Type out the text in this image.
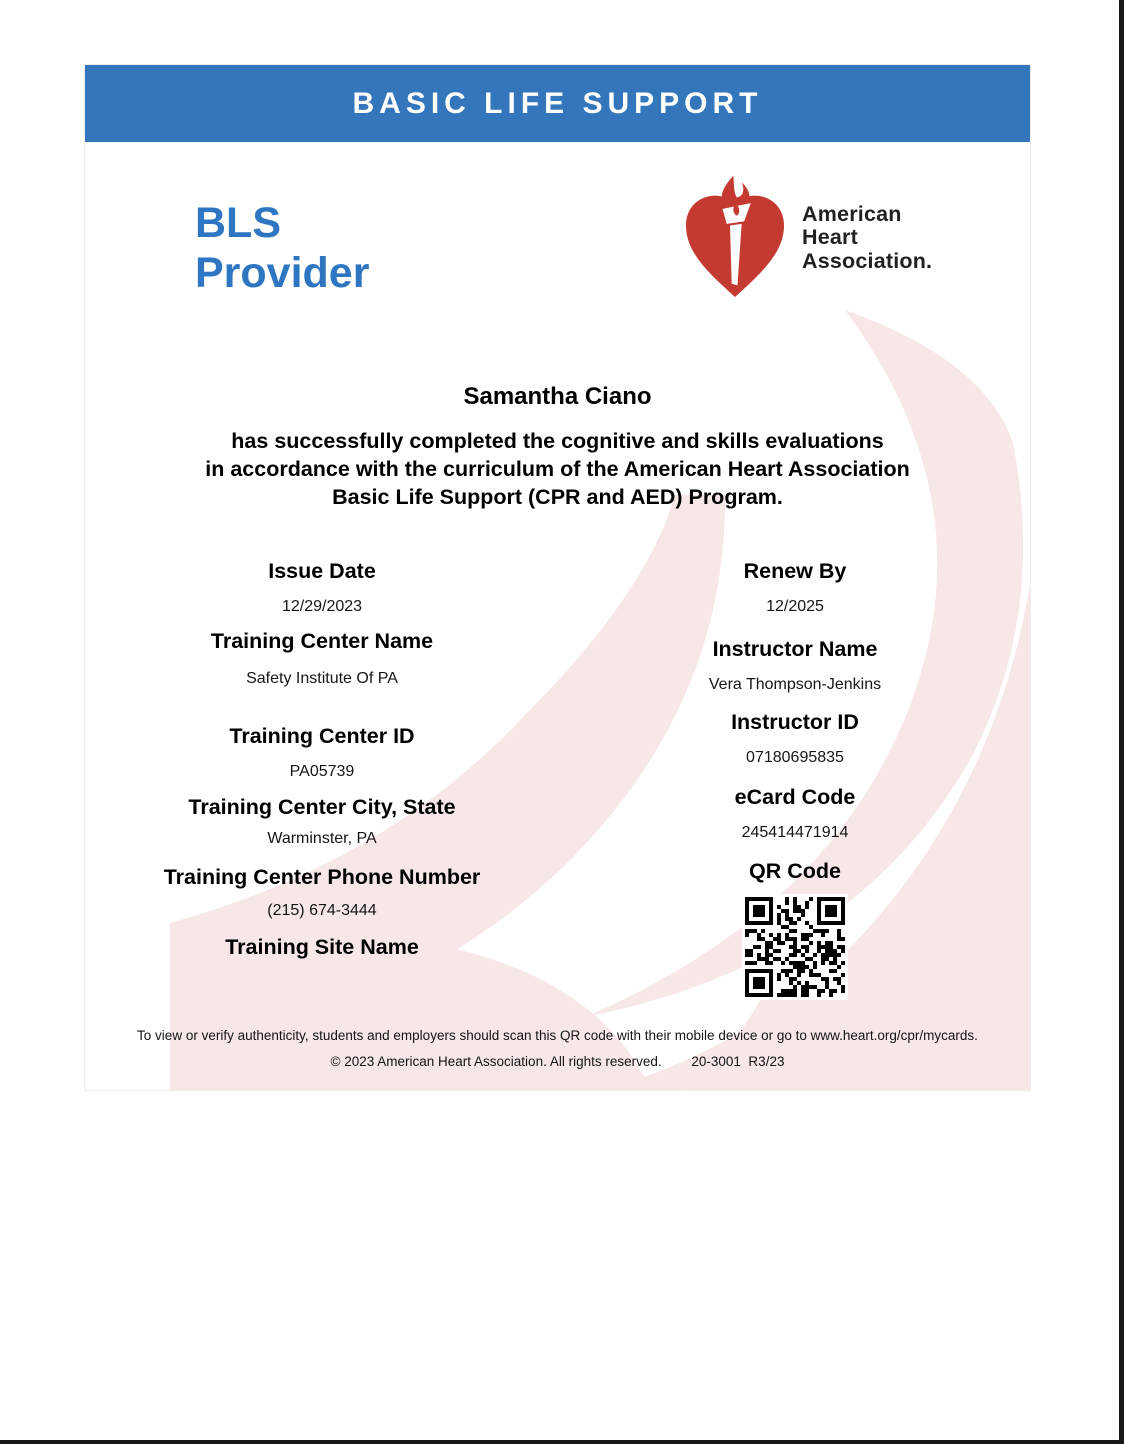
BASIC LIFE SUPPORT
BLS
Provider
American
Heart
Association.
Samantha Ciano
has successfully completed the cognitive and skills evaluations
in accordance with the curriculum of the American Heart Association
Basic Life Support (CPR and AED) Program.
Issue Date
12/29/2023
Training Center Name
Safety Institute Of PA
Training Center ID
PA05739
Training Center City, State
Warminster, PA
Training Center Phone Number
(215) 674-3444
Training Site Name
Renew By
12/2025
Instructor Name
Vera Thompson-Jenkins
Instructor ID
07180695835
eCard Code
245414471914
QR Code
To view or verify authenticity, students and employers should scan this QR code with their mobile device or go to www.heart.org/cpr/mycards.
© 2023 American Heart Association. All rights reserved. 20-3001  R3/23
